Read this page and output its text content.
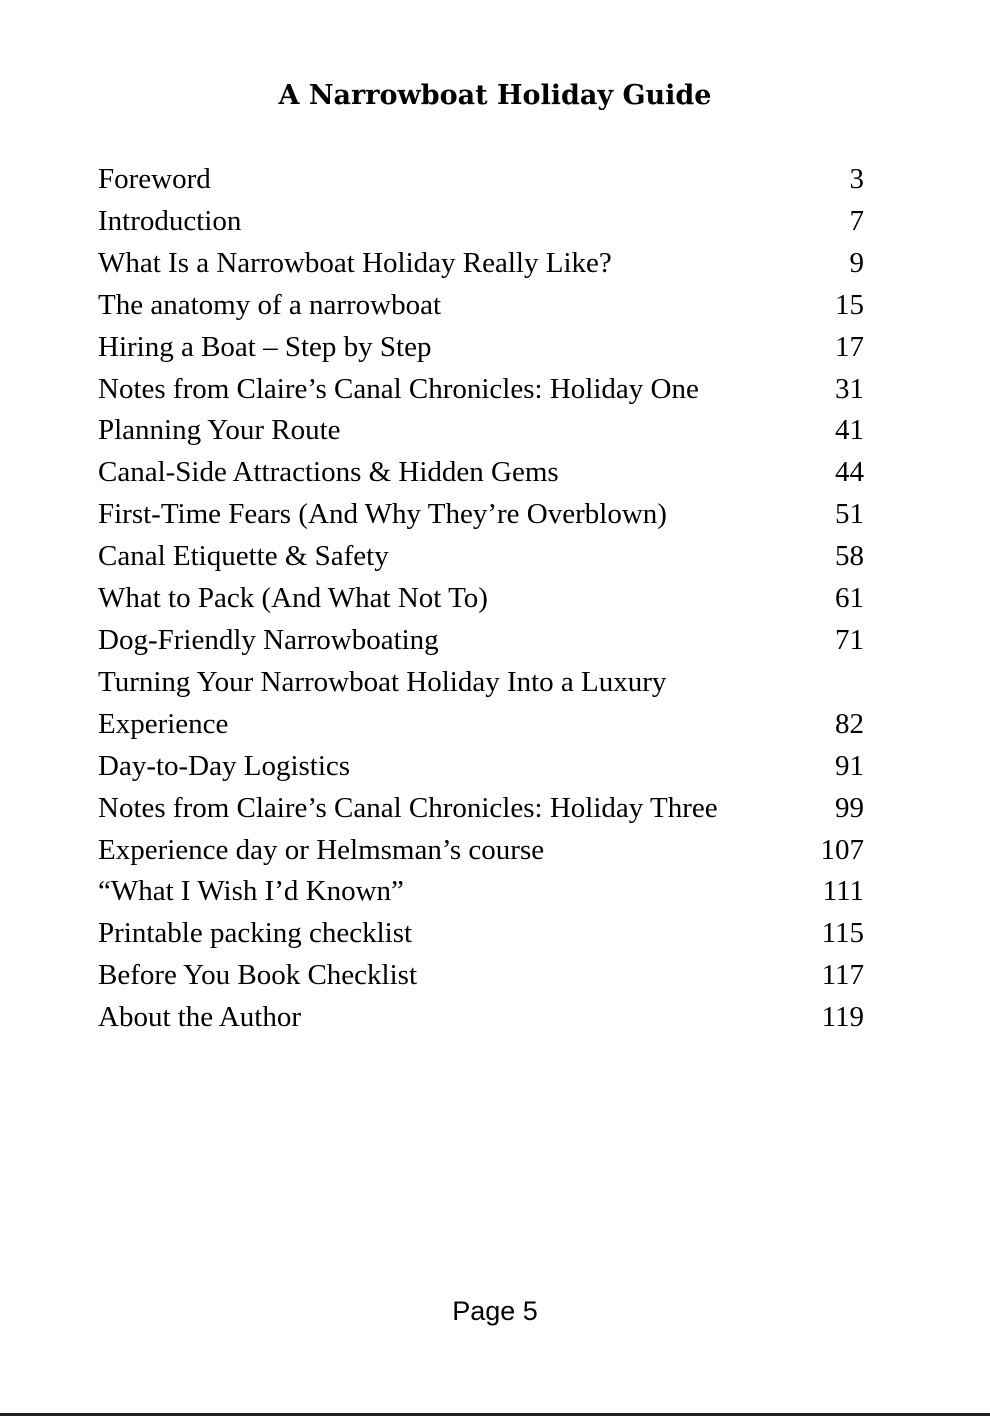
A Narrowboat Holiday Guide
Foreword	3
Introduction	7
What Is a Narrowboat Holiday Really Like?	9
The anatomy of a narrowboat	15
Hiring a Boat – Step by Step	17
Notes from Claire’s Canal Chronicles: Holiday One	31
Planning Your Route	41
Canal-Side Attractions & Hidden Gems	44
First-Time Fears (And Why They’re Overblown)	51
Canal Etiquette & Safety	58
What to Pack (And What Not To)	61
Dog-Friendly Narrowboating	71
Turning Your Narrowboat Holiday Into a Luxury Experience	82
Day-to-Day Logistics	91
Notes from Claire’s Canal Chronicles: Holiday Three	99
Experience day or Helmsman’s course	107
“What I Wish I’d Known”	111
Printable packing checklist	115
Before You Book Checklist	117
About the Author	119
Page 5
